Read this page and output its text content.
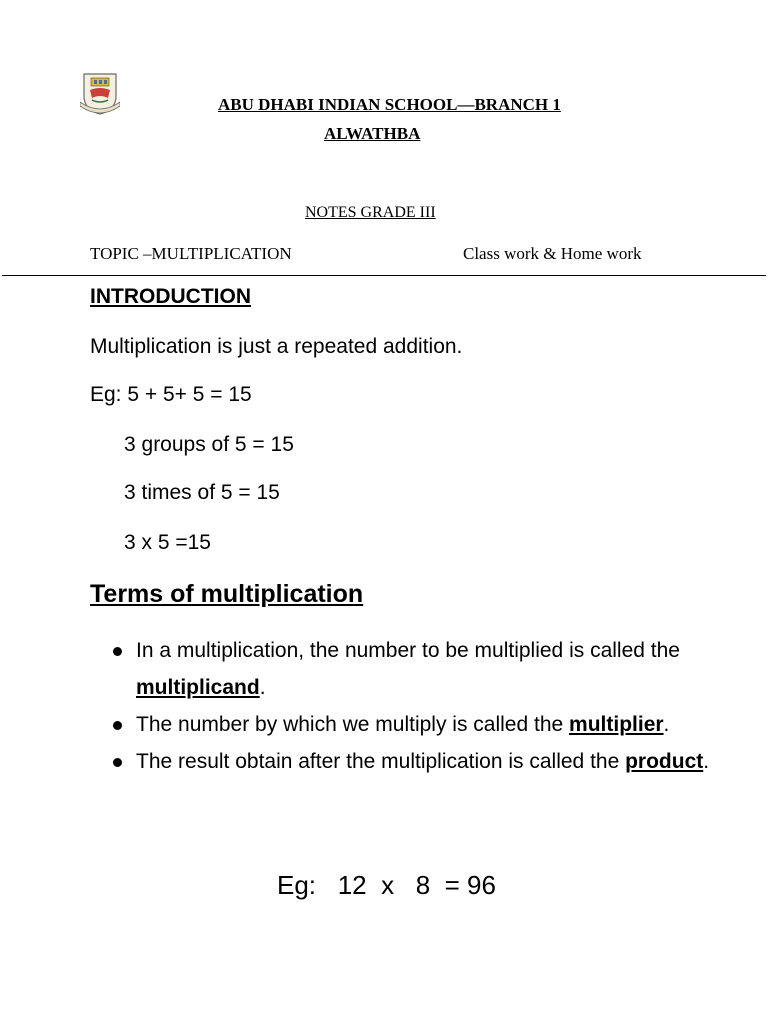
ABU DHABI INDIAN SCHOOL—BRANCH 1
ALWATHBA
NOTES GRADE III
TOPIC –MULTIPLICATION	Class work & Home work
INTRODUCTION
Multiplication is just a repeated addition.
Eg: 5 + 5+ 5 = 15
3 groups of 5 = 15
3 times of 5 = 15
3 x 5 =15
Terms of multiplication
In a multiplication, the number to be multiplied is called the multiplicand.
The number by which we multiply is called the multiplier.
The result obtain after the multiplication is called the product.
Eg:   12  x   8  = 96
